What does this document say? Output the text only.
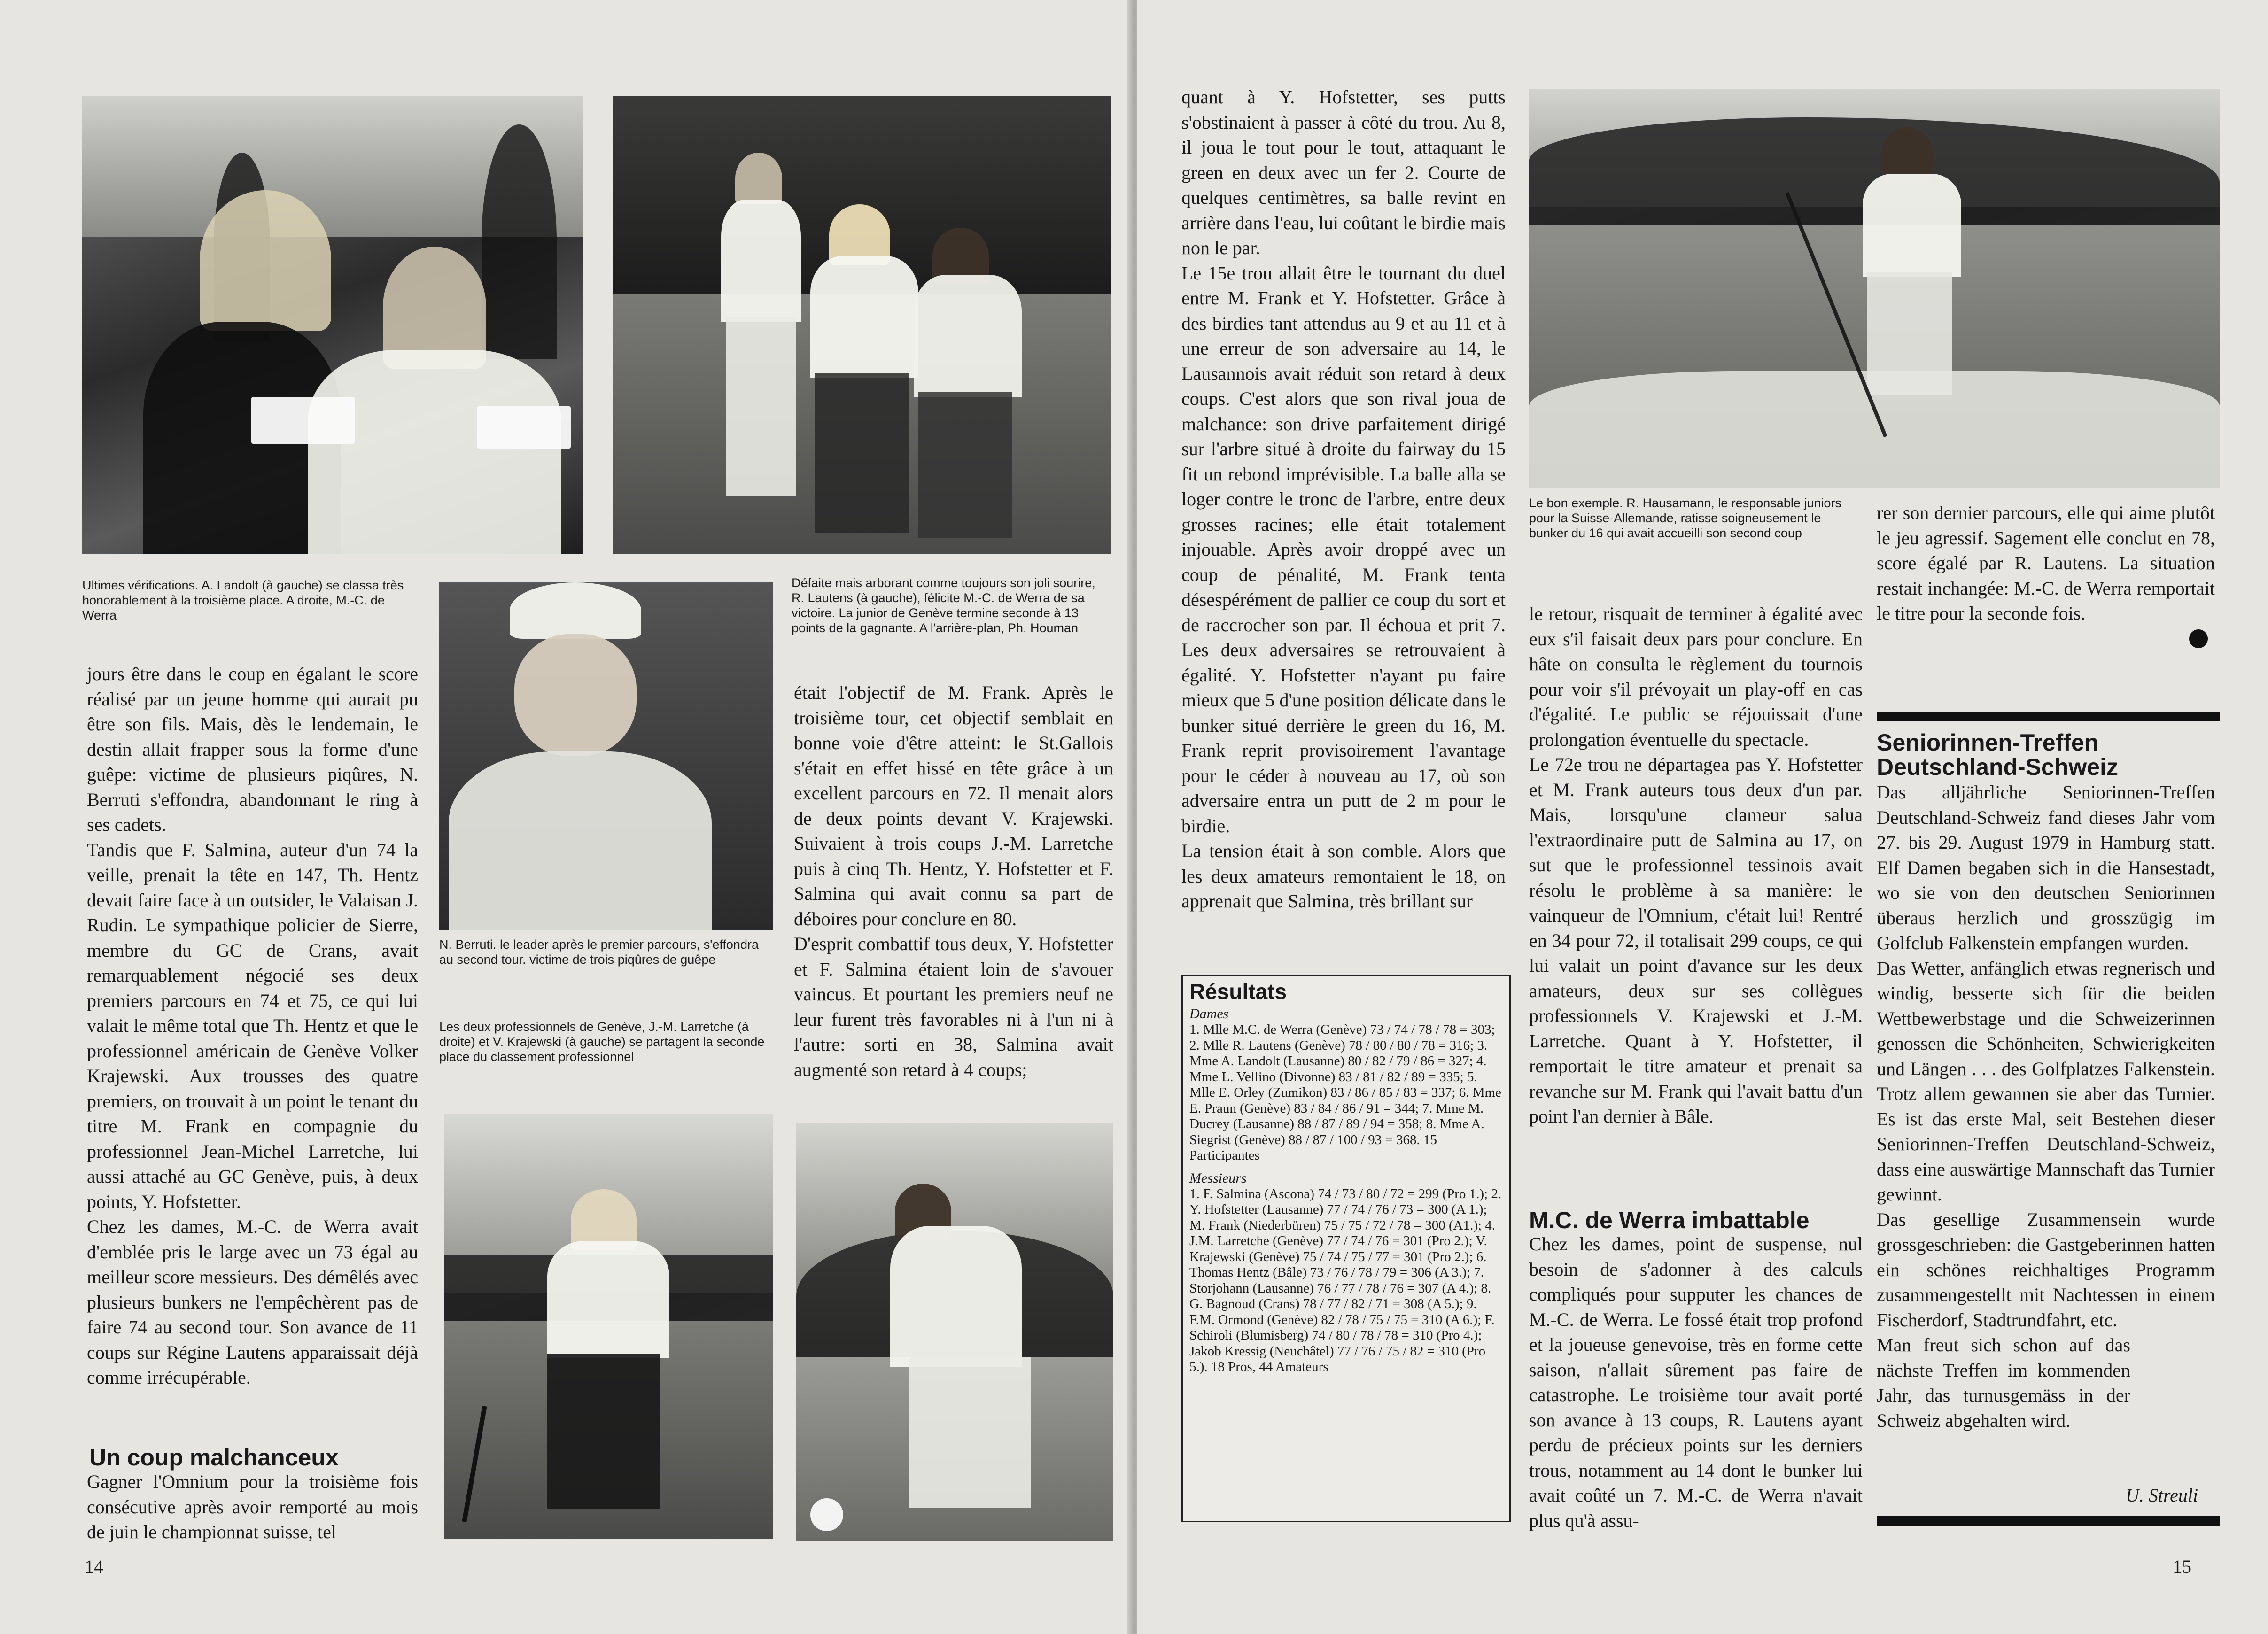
Ultimes vérifications. A. Landolt (à gauche) se classa très honorablement à la troisième place. A droite, M.-C. de Werra
Défaite mais arborant comme toujours son joli sourire, R. Lautens (à gauche), félicite M.-C. de Werra de sa victoire. La junior de Genève termine seconde à 13 points de la gagnante. A l'arrière-plan, Ph. Houman

jours être dans le coup en égalant le score réalisé par un jeune homme qui aurait pu être son fils. Mais, dès le lendemain, le destin allait frapper sous la forme d'une guêpe: victime de plusieurs piqûres, N. Berruti s'effondra, abandonnant le ring à ses cadets.

Tandis que F. Salmina, auteur d'un 74 la veille, prenait la tête en 147, Th. Hentz devait faire face à un outsider, le Valaisan J. Rudin. Le sympathique policier de Sierre, membre du GC de Crans, avait remarquablement négocié ses deux premiers parcours en 74 et 75, ce qui lui valait le même total que Th. Hentz et que le professionnel américain de Genève Volker Krajewski. Aux trousses des quatre premiers, on trouvait à un point le tenant du titre M. Frank en compagnie du professionnel Jean-Michel Larretche, lui aussi attaché au GC Genève, puis, à deux points, Y. Hofstetter.

Chez les dames, M.-C. de Werra avait d'emblée pris le large avec un 73 égal au meilleur score messieurs. Des démêlés avec plusieurs bunkers ne l'empêchèrent pas de faire 74 au second tour. Son avance de 11 coups sur Régine Lautens apparaissait déjà comme irrécupérable.

Un coup malchanceux

Gagner l'Omnium pour la troisième fois consécutive après avoir remporté au mois de juin le championnat suisse, tel

N. Berruti. le leader après le premier parcours, s'effondra au second tour. victime de trois piqûres de guêpe
Les deux professionnels de Genève, J.-M. Larretche (à droite) et V. Krajewski (à gauche) se partagent la seconde place du classement professionnel

était l'objectif de M. Frank. Après le troisième tour, cet objectif semblait en bonne voie d'être atteint: le St.Gallois s'était en effet hissé en tête grâce à un excellent parcours en 72. Il menait alors de deux points devant V. Krajewski. Suivaient à trois coups J.-M. Larretche puis à cinq Th. Hentz, Y. Hofstetter et F. Salmina qui avait connu sa part de déboires pour conclure en 80.

D'esprit combattif tous deux, Y. Hofstetter et F. Salmina étaient loin de s'avouer vaincus. Et pourtant les premiers neuf ne leur furent très favorables ni à l'un ni à l'autre: sorti en 38, Salmina avait augmenté son retard à 4 coups;

14

quant à Y. Hofstetter, ses putts s'obstinaient à passer à côté du trou. Au 8, il joua le tout pour le tout, attaquant le green en deux avec un fer 2. Courte de quelques centimètres, sa balle revint en arrière dans l'eau, lui coûtant le birdie mais non le par.

Le 15e trou allait être le tournant du duel entre M. Frank et Y. Hofstetter. Grâce à des birdies tant attendus au 9 et au 11 et à une erreur de son adversaire au 14, le Lausannois avait réduit son retard à deux coups. C'est alors que son rival joua de malchance: son drive parfaitement dirigé sur l'arbre situé à droite du fairway du 15 fit un rebond imprévisible. La balle alla se loger contre le tronc de l'arbre, entre deux grosses racines; elle était totalement injouable. Après avoir droppé avec un coup de pénalité, M. Frank tenta désespérément de pallier ce coup du sort et de raccrocher son par. Il échoua et prit 7. Les deux adversaires se retrouvaient à égalité. Y. Hofstetter n'ayant pu faire mieux que 5 d'une position délicate dans le bunker situé derrière le green du 16, M. Frank reprit provisoirement l'avantage pour le céder à nouveau au 17, où son adversaire entra un putt de 2 m pour le birdie.

La tension était à son comble. Alors que les deux amateurs remontaient le 18, on apprenait que Salmina, très brillant sur

Résultats
Dames
1. Mlle M.C. de Werra (Genève) 73 / 74 / 78 / 78 = 303; 2. Mlle R. Lautens (Genève) 78 / 80 / 80 / 78 = 316; 3. Mme A. Landolt (Lausanne) 80 / 82 / 79 / 86 = 327; 4. Mme L. Vellino (Divonne) 83 / 81 / 82 / 89 = 335; 5. Mlle E. Orley (Zumikon) 83 / 86 / 85 / 83 = 337; 6. Mme E. Praun (Genève) 83 / 84 / 86 / 91 = 344; 7. Mme M. Ducrey (Lausanne) 88 / 87 / 89 / 94 = 358; 8. Mme A. Siegrist (Genève) 88 / 87 / 100 / 93 = 368. 15 Participantes
Messieurs
1. F. Salmina (Ascona) 74 / 73 / 80 / 72 = 299 (Pro 1.); 2. Y. Hofstetter (Lausanne) 77 / 74 / 76 / 73 = 300 (A 1.); M. Frank (Niederbüren) 75 / 75 / 72 / 78 = 300 (A1.); 4. J.M. Larretche (Genève) 77 / 74 / 76 = 301 (Pro 2.); V. Krajewski (Genève) 75 / 74 / 75 / 77 = 301 (Pro 2.); 6. Thomas Hentz (Bâle) 73 / 76 / 78 / 79 = 306 (A 3.); 7. Storjohann (Lausanne) 76 / 77 / 78 / 76 = 307 (A 4.); 8. G. Bagnoud (Crans) 78 / 77 / 82 / 71 = 308 (A 5.); 9. F.M. Ormond (Genève) 82 / 78 / 75 / 75 = 310 (A 6.); F. Schiroli (Blumisberg) 74 / 80 / 78 / 78 = 310 (Pro 4.); Jakob Kressig (Neuchâtel) 77 / 76 / 75 / 82 = 310 (Pro 5.). 18 Pros, 44 Amateurs
Le bon exemple. R. Hausamann, le responsable juniors pour la Suisse-Allemande, ratisse soigneusement le bunker du 16 qui avait accueilli son second coup

le retour, risquait de terminer à égalité avec eux s'il faisait deux pars pour conclure. En hâte on consulta le règlement du tournois pour voir s'il prévoyait un play-off en cas d'égalité. Le public se réjouissait d'une prolongation éventuelle du spectacle.

Le 72e trou ne départagea pas Y. Hofstetter et M. Frank auteurs tous deux d'un par. Mais, lorsqu'une clameur salua l'extraordinaire putt de Salmina au 17, on sut que le professionnel tessinois avait résolu le problème à sa manière: le vainqueur de l'Omnium, c'était lui! Rentré en 34 pour 72, il totalisait 299 coups, ce qui lui valait un point d'avance sur les deux amateurs, deux sur ses collègues professionnels V. Krajewski et J.-M. Larretche. Quant à Y. Hofstetter, il remportait le titre amateur et prenait sa revanche sur M. Frank qui l'avait battu d'un point l'an dernier à Bâle.

M.C. de Werra imbattable

Chez les dames, point de suspense, nul besoin de s'adonner à des calculs compliqués pour supputer les chances de M.-C. de Werra. Le fossé était trop profond et la joueuse genevoise, très en forme cette saison, n'allait sûrement pas faire de catastrophe. Le troisième tour avait porté son avance à 13 coups, R. Lautens ayant perdu de précieux points sur les derniers trous, notamment au 14 dont le bunker lui avait coûté un 7. M.-C. de Werra n'avait plus qu'à assu-

rer son dernier parcours, elle qui aime plutôt le jeu agressif. Sagement elle conclut en 78, score égalé par R. Lautens. La situation restait inchangée: M.-C. de Werra remportait le titre pour la seconde fois.

Seniorinnen-Treffen Deutschland-Schweiz

Das alljährliche Seniorinnen-Treffen Deutschland-Schweiz fand dieses Jahr vom 27. bis 29. August 1979 in Hamburg statt. Elf Damen begaben sich in die Hansestadt, wo sie von den deutschen Seniorinnen überaus herzlich und grosszügig im Golfclub Falkenstein empfangen wurden.

Das Wetter, anfänglich etwas regnerisch und windig, besserte sich für die beiden Wettbewerbstage und die Schweizerinnen genossen die Schönheiten, Schwierigkeiten und Längen . . . des Golfplatzes Falkenstein. Trotz allem gewannen sie aber das Turnier. Es ist das erste Mal, seit Bestehen dieser Seniorinnen-Treffen Deutschland-Schweiz, dass eine auswärtige Mannschaft das Turnier gewinnt.

Das gesellige Zusammensein wurde grossgeschrieben: die Gastgeberinnen hatten ein schönes reichhaltiges Programm zusammengestellt mit Nachtessen in einem Fischerdorf, Stadtrundfahrt, etc.

Man freut sich schon auf das nächste Treffen im kommenden Jahr, das turnusgemäss in der Schweiz abgehalten wird.

U. Streuli
15
